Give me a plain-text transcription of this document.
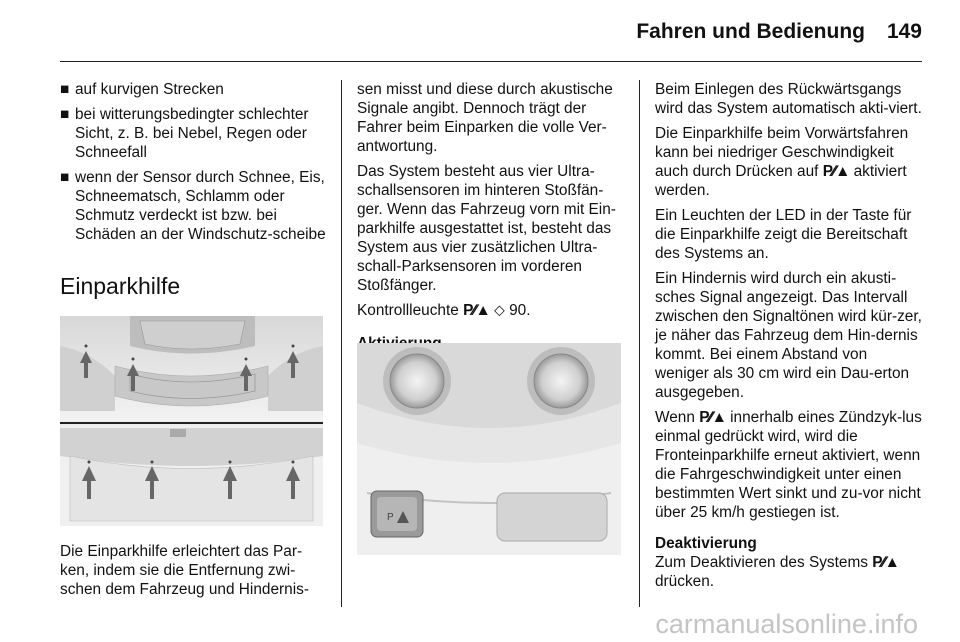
Fahren und Bedienung 149
■ auf kurvigen Strecken
■ bei witterungsbedingter schlechter Sicht, z. B. bei Nebel, Regen oder Schneefall
■ wenn der Sensor durch Schnee, Eis, Schneematsch, Schlamm oder Schmutz verdeckt ist bzw. bei Schäden an der Windschutz-scheibe
Einparkhilfe
Die Einparkhilfe erleichtert das Par-ken, indem sie die Entfernung zwi-schen dem Fahrzeug und Hindernis-

sen misst und diese durch akustische Signale angibt. Dennoch trägt der Fahrer beim Einparken die volle Ver-antwortung.

Das System besteht aus vier Ultra-schallsensoren im hinteren Stoßfän-ger. Wenn das Fahrzeug vorn mit Ein-parkhilfe ausgestattet ist, besteht das System aus vier zusätzlichen Ultra-schall-Parksensoren im vorderen Stoßfänger.

Kontrollleuchte P∕∕▲ ⬦ 90.

P

Beim Einlegen des Rückwärtsgangs wird das System automatisch akti-viert.

Die Einparkhilfe beim Vorwärtsfahren kann bei niedriger Geschwindigkeit auch durch Drücken auf P∕∕▲ aktiviert werden.

Ein Leuchten der LED in der Taste für die Einparkhilfe zeigt die Bereitschaft des Systems an.

Ein Hindernis wird durch ein akusti-sches Signal angezeigt. Das Intervall zwischen den Signaltönen wird kür-zer, je näher das Fahrzeug dem Hin-dernis kommt. Bei einem Abstand von weniger als 30 cm wird ein Dau-erton ausgegeben.

Wenn P∕∕▲ innerhalb eines Zündzyk-lus einmal gedrückt wird, wird die Fronteinparkhilfe erneut aktiviert, wenn die Fahrgeschwindigkeit unter einen bestimmten Wert sinkt und zu-vor nicht über 25 km/h gestiegen ist.

Deaktivierung

Zum Deaktivieren des Systems P∕∕▲ drücken.

carmanualsonline.info
